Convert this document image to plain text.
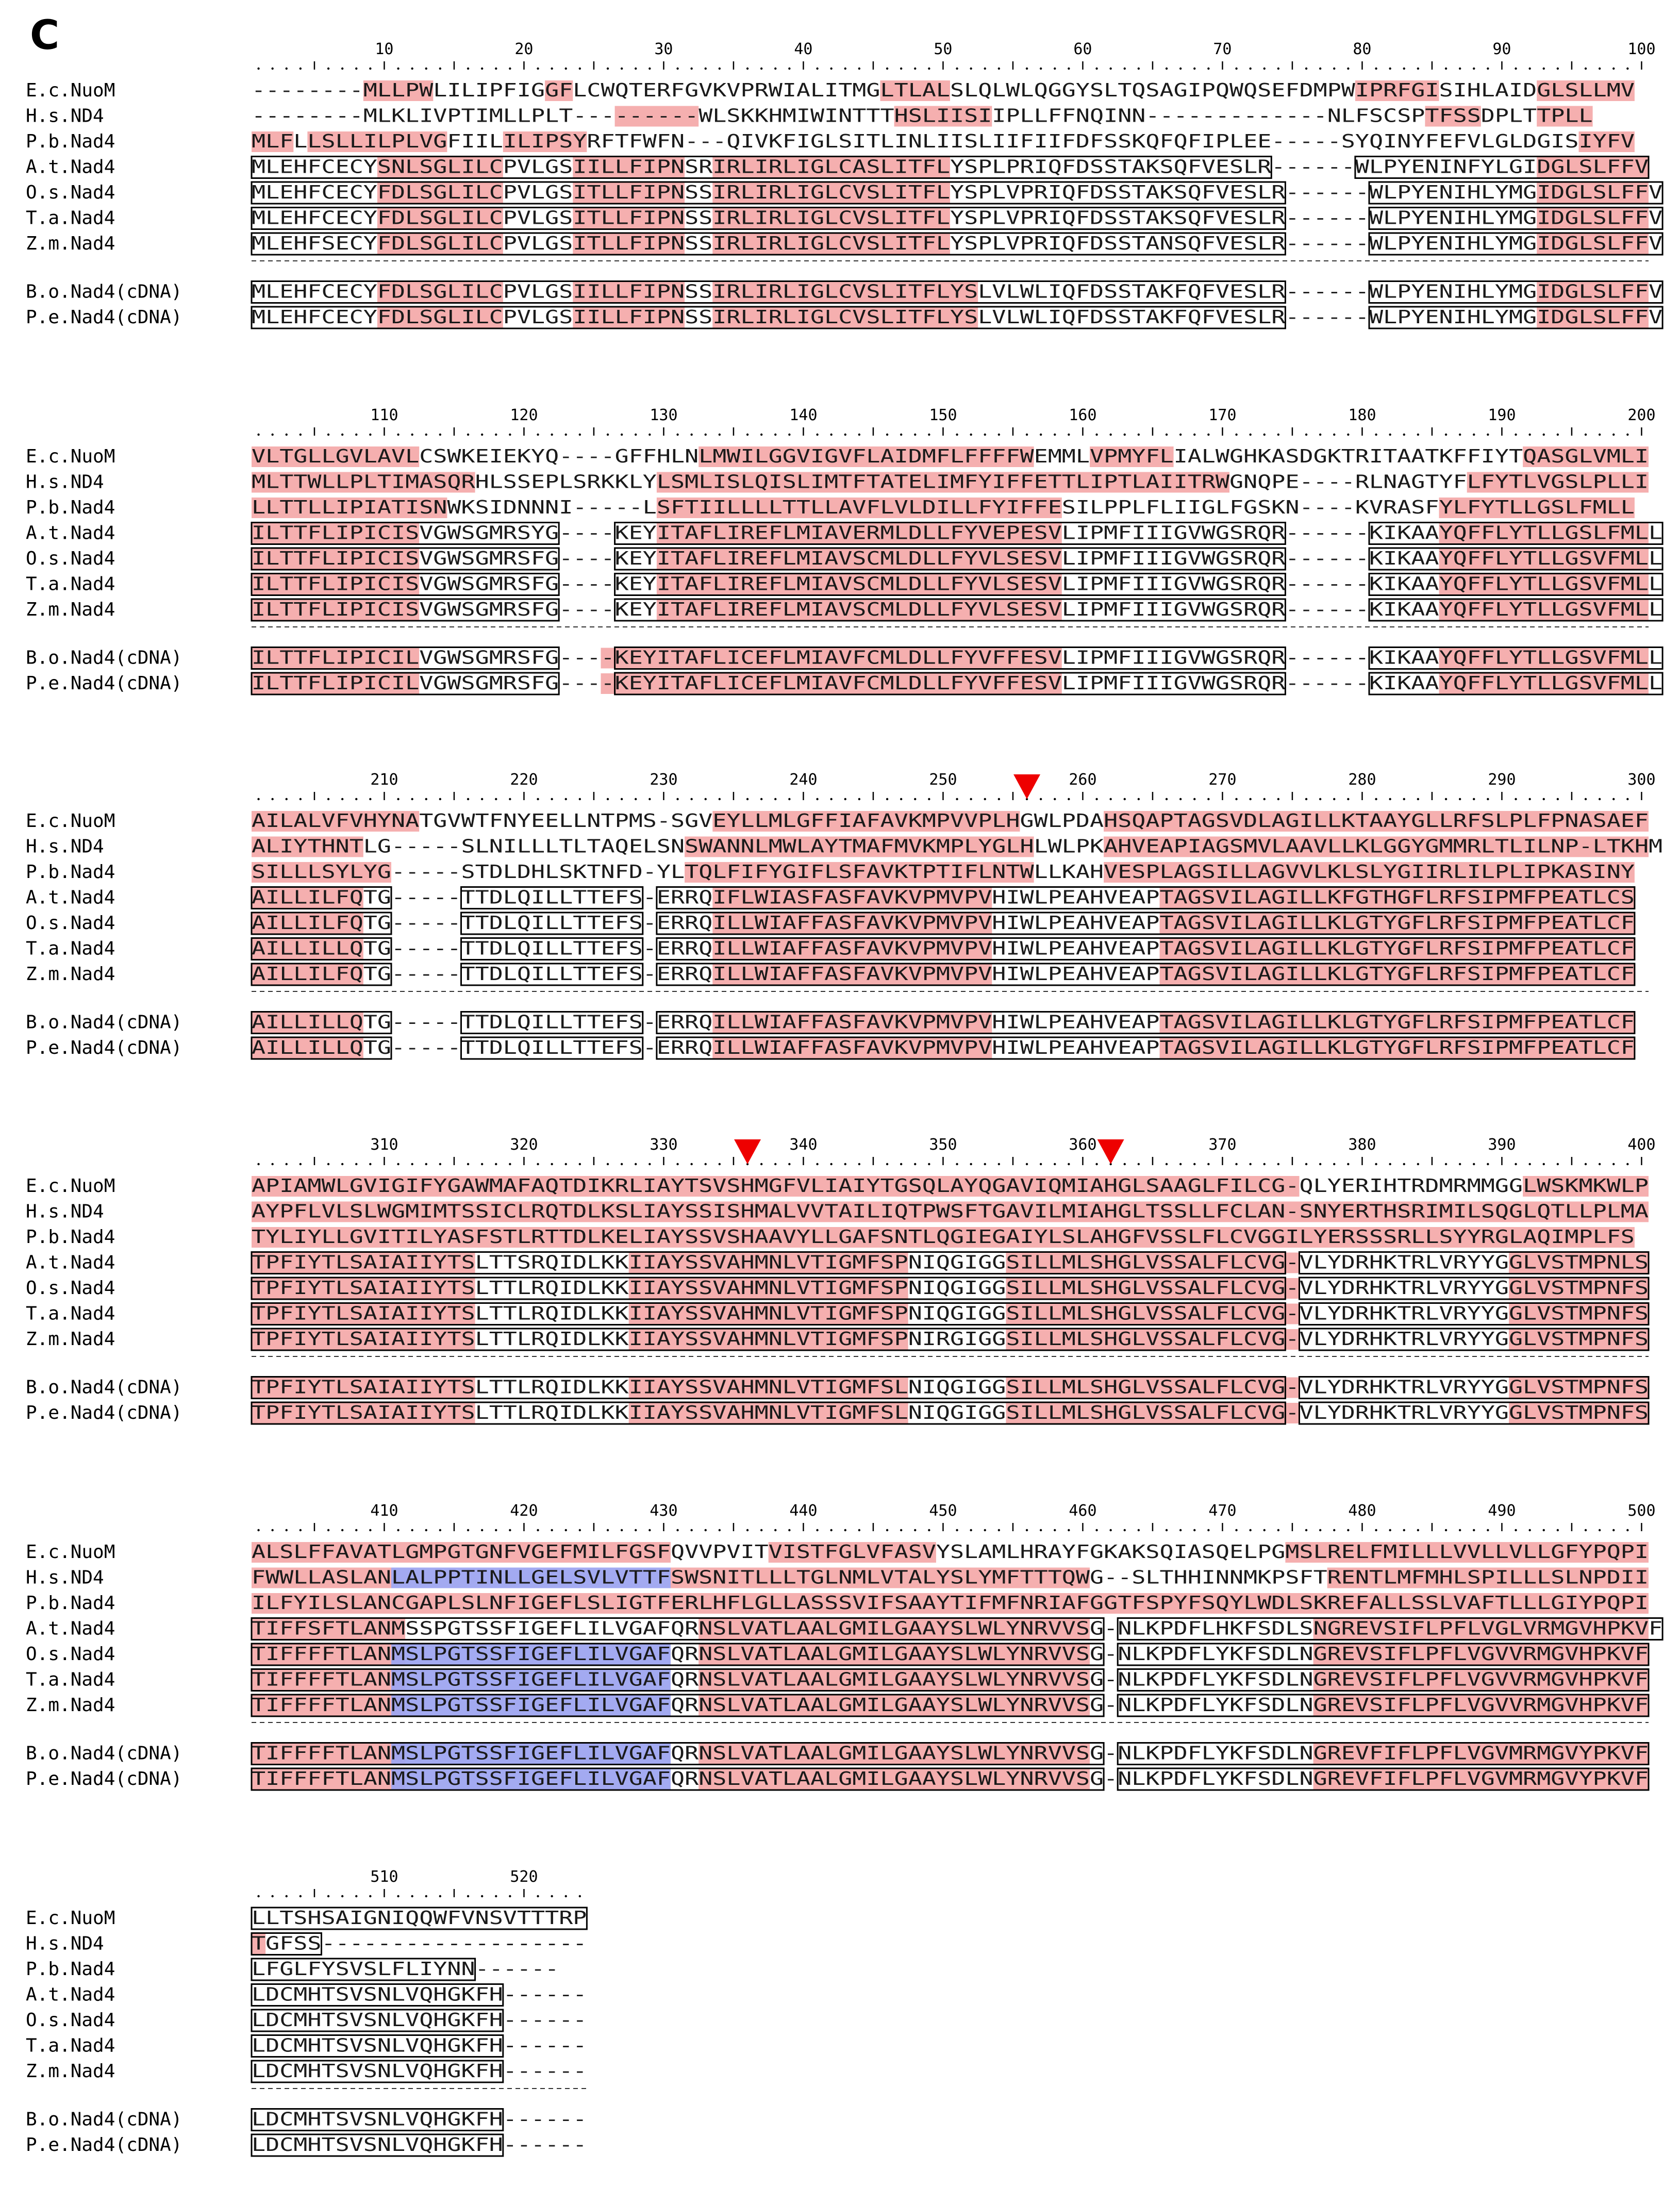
C	10	20	30	40	50	60	70	80	90	100
E.c.NuoM	--------MLLPWLILIPFIGGFLCWQTERFGVKVPRWIALITMGLTLALSLQLWLQGGYSLTQSAGIPQWQSEFDMPWIPRFGISIHLAIDGLSLLMV
H.s.ND4	--------MLKLIVPTIMLLPLT---------WLSKKHMIWINTTTHSLIISIIPLLFFNQINN-------------NLFSCSPTFSSDPLTTPLL
P.b.Nad4	MLFLLSLLILPLVGFIILILIPSYRFTFWFN---QIVKFIGLSITLINLIISLIIFIIFDFSSKQFQFIPLEE-----SYQINYFEFVLGLDGISIYFV
A.t.Nad4	MLEHFCECYSNLSGLILCPVLGSIILLFIPNSRIRLIRLIGLCASLITFLYSPLPRIQFDSSTAKSQFVESLR------WLPYENINFYLGIDGLSLFFV
O.s.Nad4	MLEHFCECYFDLSGLILCPVLGSITLLFIPNSSIRLIRLIGLCVSLITFLYSPLVPRIQFDSSTAKSQFVESLR------WLPYENIHLYMGIDGLSLFFV
T.a.Nad4	MLEHFCECYFDLSGLILCPVLGSITLLFIPNSSIRLIRLIGLCVSLITFLYSPLVPRIQFDSSTAKSQFVESLR------WLPYENIHLYMGIDGLSLFFV
Z.m.Nad4	MLEHFSECYFDLSGLILCPVLGSITLLFIPNSSIRLIRLIGLCVSLITFLYSPLVPRIQFDSSTANSQFVESLR------WLPYENIHLYMGIDGLSLFFV
B.o.Nad4(cDNA)	MLEHFCECYFDLSGLILCPVLGSIILLFIPNSSIRLIRLIGLCVSLITFLYSLVLWLIQFDSSTAKFQFVESLR------WLPYENIHLYMGIDGLSLFFV
P.e.Nad4(cDNA)	MLEHFCECYFDLSGLILCPVLGSIILLFIPNSSIRLIRLIGLCVSLITFLYSLVLWLIQFDSSTAKFQFVESLR------WLPYENIHLYMGIDGLSLFFV
110	120	130	140	150	160	170	180	190	200
E.c.NuoM	VLTGLLGVLAVLCSWKEIEKYQ----GFFHLNLMWILGGVIGVFLAIDMFLFFFFWEMMLVPMYFLIALWGHKASDGKTRITAATKFFIYTQASGLVMLI
H.s.ND4	MLTTWLLPLTIMASQRHLSSEPLSRKKLYLSMLISLQISLIMTFTATELIMFYIFFETTLIPTLAIITRWGNQPE----RLNAGTYFLFYTLVGSLPLLI
P.b.Nad4	LLTTLLIPIATISNWKSIDNNNI-----LSFTIILLLLTTLLAVFLVLDILLFYIFFESILPPLFLIIGLFGSKN----KVRASFYLFYTLLGSLFMLL
A.t.Nad4	ILTTFLIPICISVGWSGMRSYG----KEYITAFLIREFLMIAVERMLDLLFYVEPESVLIPMFIIIGVWGSRQR------KIKAAYQFFLYTLLGSLFMLL
O.s.Nad4	ILTTFLIPICISVGWSGMRSFG----KEYITAFLIREFLMIAVSCMLDLLFYVLSESVLIPMFIIIGVWGSRQR------KIKAAYQFFLYTLLGSVFMLL
T.a.Nad4	ILTTFLIPICISVGWSGMRSFG----KEYITAFLIREFLMIAVSCMLDLLFYVLSESVLIPMFIIIGVWGSRQR------KIKAAYQFFLYTLLGSVFMLL
Z.m.Nad4	ILTTFLIPICISVGWSGMRSFG----KEYITAFLIREFLMIAVSCMLDLLFYVLSESVLIPMFIIIGVWGSRQR------KIKAAYQFFLYTLLGSVFMLL
B.o.Nad4(cDNA)	ILTTFLIPICILVGWSGMRSFG----KEYITAFLICEFLMIAVFCMLDLLFYVFFESVLIPMFIIIGVWGSRQR------KIKAAYQFFLYTLLGSVFMLL
P.e.Nad4(cDNA)	ILTTFLIPICILVGWSGMRSFG----KEYITAFLICEFLMIAVFCMLDLLFYVFFESVLIPMFIIIGVWGSRQR------KIKAAYQFFLYTLLGSVFMLL
210	220	230	240	250	260	270	280	290	300
E.c.NuoM	AILALVFVHYNATGVWTFNYEELLNTPMS-SGVEYLLMLGFFIAFAVKMPVVPLHGWLPDAHSQAPTAGSVDLAGILLKTAAYGLLRFSLPLFPNASAEF
H.s.ND4	ALIYTHNTLG-----SLNILLLTLTAQELSNSWANNLMWLAYTMAFMVKMPLYGLHLWLPKAHVEAPIAGSMVLAAVLLKLGGYGMMRLTLILNP-LTKHM
P.b.Nad4	SILLLSYLYG-----STDLDHLSKTNFD-YLTQLFIFYGIFLSFAVKTPTIFLNTWLLKAHVESPLAGSILLAGVVLKLSLYGIIRLILPLIPKASINY
A.t.Nad4	AILLILFQTG-----TTDLQILLTTEFS-ERRQIFLWIASFASFAVKVPMVPVHIWLPEAHVEAPTAGSVILAGILLKFGTHGFLRFSIPMFPEATLCS
O.s.Nad4	AILLILFQTG-----TTDLQILLTTEFS-ERRQILLWIAFFASFAVKVPMVPVHIWLPEAHVEAPTAGSVILAGILLKLGTYGFLRFSIPMFPEATLCF
T.a.Nad4	AILLILLQTG-----TTDLQILLTTEFS-ERRQILLWIAFFASFAVKVPMVPVHIWLPEAHVEAPTAGSVILAGILLKLGTYGFLRFSIPMFPEATLCF
Z.m.Nad4	AILLILFQTG-----TTDLQILLTTEFS-ERRQILLWIAFFASFAVKVPMVPVHIWLPEAHVEAPTAGSVILAGILLKLGTYGFLRFSIPMFPEATLCF
B.o.Nad4(cDNA)	AILLILLQTG-----TTDLQILLTTEFS-ERRQILLWIAFFASFAVKVPMVPVHIWLPEAHVEAPTAGSVILAGILLKLGTYGFLRFSIPMFPEATLCF
P.e.Nad4(cDNA)	AILLILLQTG-----TTDLQILLTTEFS-ERRQILLWIAFFASFAVKVPMVPVHIWLPEAHVEAPTAGSVILAGILLKLGTYGFLRFSIPMFPEATLCF
310	320	330	340	350	360	370	380	390	400
E.c.NuoM	APIAMWLGVIGIFYGAWMAFAQTDIKRLIAYTSVSHMGFVLIAIYTGSQLAYQGAVIQMIAHGLSAAGLFILCG-QLYERIHTRDMRMMGGLWSKMKWLP
H.s.ND4	AYPFLVLSLWGMIMTSSICLRQTDLKSLIAYSSISHMALVVTAILIQTPWSFTGAVILMIAHGLTSSLLFCLAN-SNYERTHSRIMILSQGLQTLLPLMA
P.b.Nad4	TYLIYLLGVITILYASFSTLRTTDLKELIAYSSVSHAAVYLLGAFSNTLQGIEGAIYLSLAHGFVSSLFLCVGGILYERSSSRLLSYYRGLAQIMPLFS
A.t.Nad4	TPFIYTLSAIAIIYTSLTTSRQIDLKKIIAYSSVAHMNLVTIGMFSPNIQGIGGSILLMLSHGLVSSALFLCVG-VLYDRHKTRLVRYYGGLVSTMPNLS
O.s.Nad4	TPFIYTLSAIAIIYTSLTTLRQIDLKKIIAYSSVAHMNLVTIGMFSPNIQGIGGSILLMLSHGLVSSALFLCVG-VLYDRHKTRLVRYYGGLVSTMPNFS
T.a.Nad4	TPFIYTLSAIAIIYTSLTTLRQIDLKKIIAYSSVAHMNLVTIGMFSPNIQGIGGSILLMLSHGLVSSALFLCVG-VLYDRHKTRLVRYYGGLVSTMPNFS
Z.m.Nad4	TPFIYTLSAIAIIYTSLTTLRQIDLKKIIAYSSVAHMNLVTIGMFSPNIRGIGGSILLMLSHGLVSSALFLCVG-VLYDRHKTRLVRYYGGLVSTMPNFS
B.o.Nad4(cDNA)	TPFIYTLSAIAIIYTSLTTLRQIDLKKIIAYSSVAHMNLVTIGMFSLNIQGIGGSILLMLSHGLVSSALFLCVG-VLYDRHKTRLVRYYGGLVSTMPNFS
P.e.Nad4(cDNA)	TPFIYTLSAIAIIYTSLTTLRQIDLKKIIAYSSVAHMNLVTIGMFSLNIQGIGGSILLMLSHGLVSSALFLCVG-VLYDRHKTRLVRYYGGLVSTMPNFS
410	420	430	440	450	460	470	480	490	500
E.c.NuoM	ALSLFFAVATLGMPGTGNFVGEFMILFGSFQVVPVITVISTFGLVFASVYSLAMLHRAYFGKAKSQIASQELPGMSLRELFMILLLVVLLVLLGFYPQPI
H.s.ND4	FWWLLASLANLALPPTINLLGELSVLVTTFSWSNITLLLTGLNMLVTALYSLYMFTTTQWG--SLTHHINNMKPSFTRENTLMFMHLSPILLLSLNPDII
P.b.Nad4	ILFYILSLANCGAPLSLNFIGEFLSLIGTFERLHFLGLLASSSVIFSAAYTIFMFNRIAFGGTFSPYFSQYLWDLSKREFALLSSLVAFTLLLGIYPQPI
A.t.Nad4	TIFFSFTLANMSSPGTSSFIGEFLILVGAFQRNSLVATLAALGMILGAAYSLWLYNRVVSG-NLKPDFLHKFSDLSNGREVSIFLPFLVGLVRMGVHPKVF
O.s.Nad4	TIFFFFTLANMSLPGTSSFIGEFLILVGAFQRNSLVATLAALGMILGAAYSLWLYNRVVSG-NLKPDFLYKFSDLNGREVSIFLPFLVGVVRMGVHPKVF
T.a.Nad4	TIFFFFTLANMSLPGTSSFIGEFLILVGAFQRNSLVATLAALGMILGAAYSLWLYNRVVSG-NLKPDFLYKFSDLNGREVSIFLPFLVGVVRMGVHPKVF
Z.m.Nad4	TIFFFFTLANMSLPGTSSFIGEFLILVGAFQRNSLVATLAALGMILGAAYSLWLYNRVVSG-NLKPDFLYKFSDLNGREVSIFLPFLVGVVRMGVHPKVF
B.o.Nad4(cDNA)	TIFFFFTLANMSLPGTSSFIGEFLILVGAFQRNSLVATLAALGMILGAAYSLWLYNRVVSG-NLKPDFLYKFSDLNGREVFIFLPFLVGVMRMGVYPKVF
P.e.Nad4(cDNA)	TIFFFFTLANMSLPGTSSFIGEFLILVGAFQRNSLVATLAALGMILGAAYSLWLYNRVVSG-NLKPDFLYKFSDLNGREVFIFLPFLVGVMRMGVYPKVF
510	520
E.c.NuoM	LLTSHSAIGNIQQWFVNSVTTTRP
H.s.ND4	TGFSS-------------------
P.b.Nad4	LFGLFYSVSLFLIYNN------
A.t.Nad4	LDCMHTSVSNLVQHGKFH------
O.s.Nad4	LDCMHTSVSNLVQHGKFH------
T.a.Nad4	LDCMHTSVSNLVQHGKFH------
Z.m.Nad4	LDCMHTSVSNLVQHGKFH------
B.o.Nad4(cDNA)	LDCMHTSVSNLVQHGKFH------
P.e.Nad4(cDNA)	LDCMHTSVSNLVQHGKFH------
